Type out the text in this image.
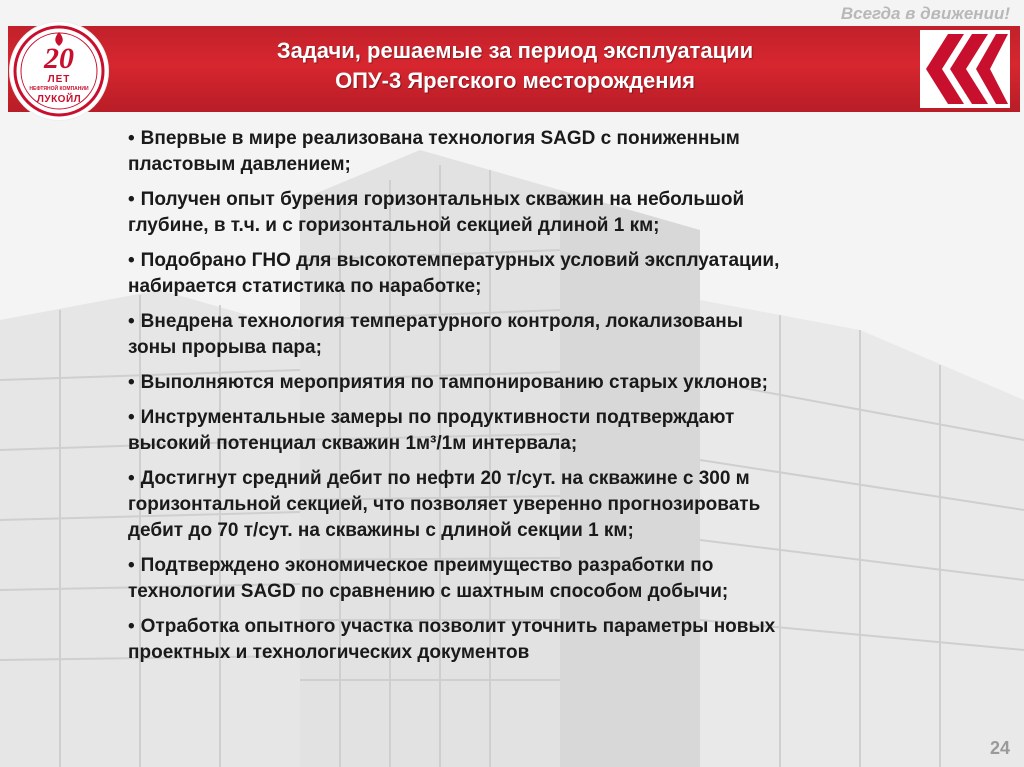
Всегда в движении!
20
ЛЕТ
НЕФТЯНОЙ КОМПАНИИ
ЛУКОЙЛ
Задачи, решаемые за период эксплуатации
ОПУ-3 Ярегского месторождения
• Впервые в мире реализована технология SAGD с пониженным
пластовым давлением;
• Получен опыт бурения горизонтальных скважин на небольшой
глубине, в т.ч. и с горизонтальной секцией длиной 1 км;
• Подобрано ГНО для высокотемпературных условий эксплуатации,
набирается статистика по наработке;
• Внедрена технология температурного контроля, локализованы
зоны прорыва пара;
• Выполняются мероприятия по тампонированию старых уклонов;
• Инструментальные замеры по продуктивности подтверждают
высокий потенциал скважин 1м³/1м интервала;
• Достигнут средний дебит по нефти 20 т/сут. на скважине с 300 м
горизонтальной секцией, что позволяет уверенно прогнозировать
дебит до 70 т/сут. на скважины с длиной секции 1 км;
• Подтверждено экономическое преимущество разработки по
технологии SAGD по сравнению с шахтным способом добычи;
• Отработка опытного участка позволит уточнить параметры новых
проектных и технологических документов
24
